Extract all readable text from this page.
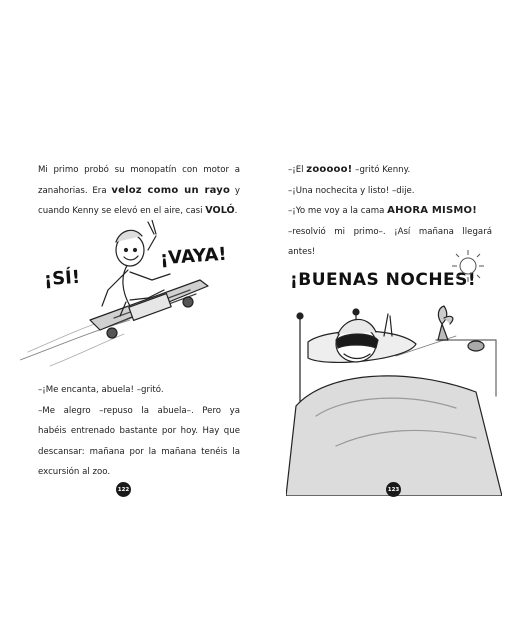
Mi primo probó su monopatín con motor a
zanahorias. Era veloz como un rayo y
cuando Kenny se elevó en el aire, casi VOLÓ.

¡SÍ!
¡VAYA!

–¡Me encanta, abuela! –gritó.
–Me alegro –repuso la abuela–. Pero ya
habéis entrenado bastante por hoy. Hay que
descansar: mañana por la mañana tenéis la
excursión al zoo.

122

–¡El zooooo! –gritó Kenny.
–¡Una nochecita y listo! –dije.
–¡Yo me voy a la cama AHORA MISMO!
–resolvió mi primo–. ¡Así mañana llegará
antes!

¡BUENAS NOCHES!
123
